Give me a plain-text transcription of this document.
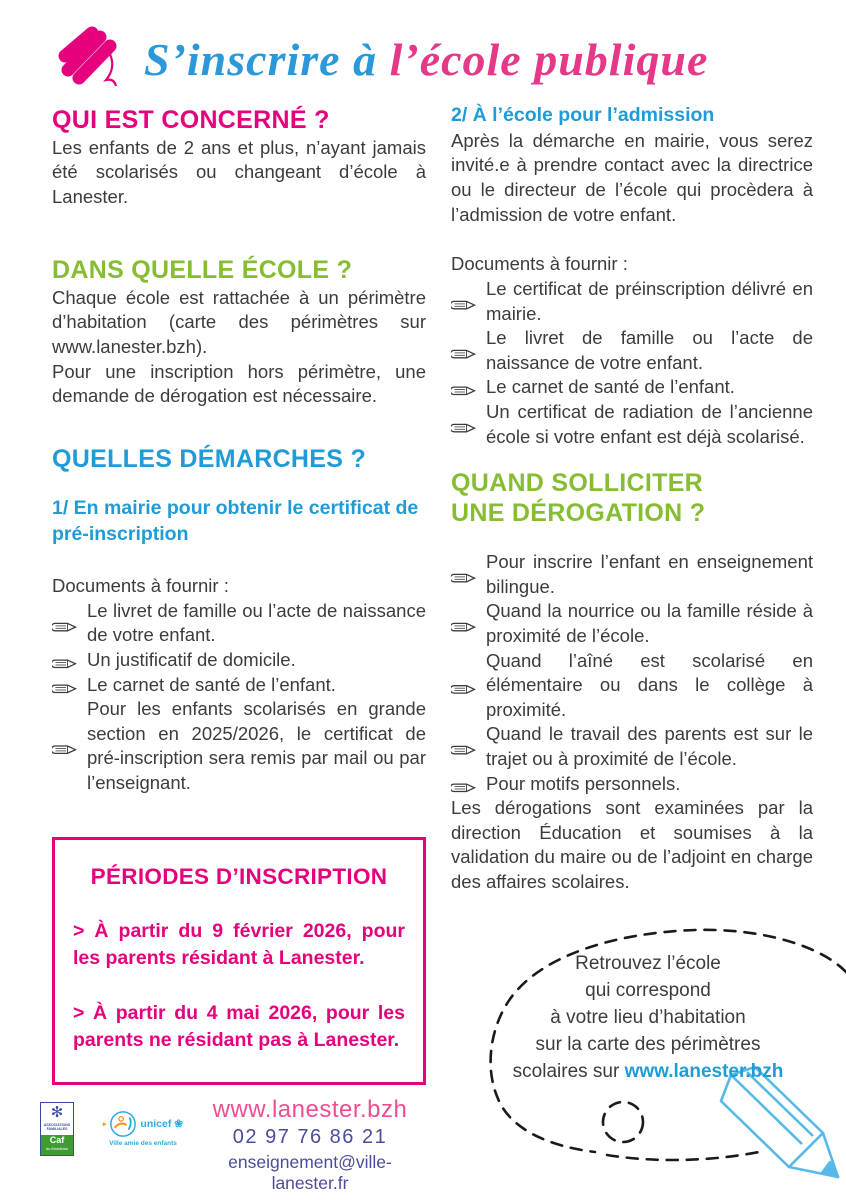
S’inscrire à l’école publique
QUI EST CONCERNÉ ?

Les enfants de 2 ans et plus, n’ayant jamais été scolarisés ou changeant d’école à Lanester.

DANS QUELLE ÉCOLE ?

Chaque école est rattachée à un périmètre d’habitation (carte des périmètres sur www.lanester.bzh).

Pour une inscription hors périmètre, une demande de dérogation est nécessaire.

QUELLES DÉMARCHES ?

1/ En mairie pour obtenir le certificat de pré-inscription

Documents à fournir :

Le livret de famille ou l’acte de naissance de votre enfant.
Un justificatif de domicile.
Le carnet de santé de l’enfant.
Pour les enfants scolarisés en grande section en 2025/2026, le certificat de pré-inscription sera remis par mail ou par l’enseignant.
PÉRIODES D’INSCRIPTION

> À partir du 9 février 2026, pour les parents résidant à Lanester.

> À partir du 4 mai 2026, pour les parents ne résidant pas à Lanester.

2/ À l’école pour l’admission

Après la démarche en mairie, vous serez invité.e à prendre contact avec la directrice ou le directeur de l’école qui procèdera à l’admission de votre enfant.

Documents à fournir :

Le certificat de préinscription délivré en mairie.
Le livret de famille ou l’acte de naissance de votre enfant.
Le carnet de santé de l’enfant.
Un certificat de radiation de l’ancienne école si votre enfant est déjà scolarisé.
QUAND SOLLICITER
UNE DÉROGATION ?
Pour inscrire l’enfant en enseignement bilingue.
Quand la nourrice ou la famille réside à proximité de l’école.
Quand l’aîné est scolarisé en élémentaire ou dans le collège à proximité.
Quand le travail des parents est sur le trajet ou à proximité de l’école.
Pour motifs personnels.

Les dérogations sont examinées par la direction Éducation et soumises à la validation du maire ou de l’adjoint en charge des affaires scolaires.

Retrouvez l’école
qui correspond
à votre lieu d’habitation
sur la carte des périmètres
scolaires sur www.lanester.bzh
✻
ASSOCIATIONS FAMILIALES
Caf
du Morbihan
▸	unicef ❀
Ville amie des enfants
www.lanester.bzh
02 97 76 86 21
enseignement@ville-lanester.fr
